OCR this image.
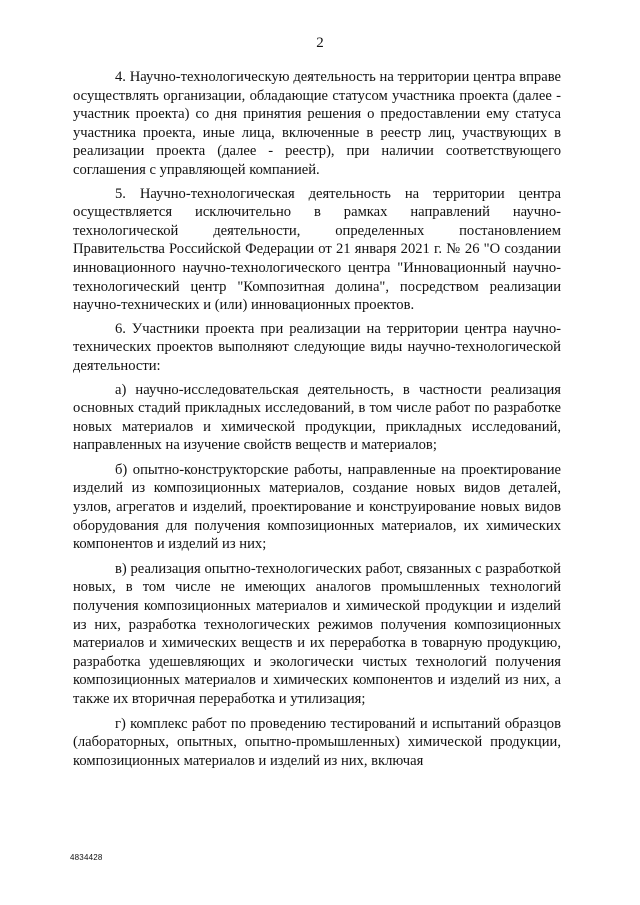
2

4. Научно-технологическую деятельность на территории центра вправе осуществлять организации, обладающие статусом участника проекта (далее - участник проекта) со дня принятия решения о предоставлении ему статуса участника проекта, иные лица, включенные в реестр лиц, участвующих в реализации проекта (далее - реестр), при наличии соответствующего соглашения с управляющей компанией.

5. Научно-технологическая деятельность на территории центра осуществляется исключительно в рамках направлений научно-технологической деятельности, определенных постановлением Правительства Российской Федерации от 21 января 2021 г. № 26 "О создании инновационного научно-технологического центра "Инновационный научно-технологический центр "Композитная долина", посредством реализации научно-технических и (или) инновационных проектов.

6. Участники проекта при реализации на территории центра научно-технических проектов выполняют следующие виды научно-технологической деятельности:

а) научно-исследовательская деятельность, в частности реализация основных стадий прикладных исследований, в том числе работ по разработке новых материалов и химической продукции, прикладных исследований, направленных на изучение свойств веществ и материалов;

б) опытно-конструкторские работы, направленные на проектирование изделий из композиционных материалов, создание новых видов деталей, узлов, агрегатов и изделий, проектирование и конструирование новых видов оборудования для получения композиционных материалов, их химических компонентов и изделий из них;

в) реализация опытно-технологических работ, связанных с разработкой новых, в том числе не имеющих аналогов промышленных технологий получения композиционных материалов и химической продукции и изделий из них, разработка технологических режимов получения композиционных материалов и химических веществ и их переработка в товарную продукцию, разработка удешевляющих и экологически чистых технологий получения композиционных материалов и химических компонентов и изделий из них, а также их вторичная переработка и утилизация;

г) комплекс работ по проведению тестирований и испытаний образцов (лабораторных, опытных, опытно-промышленных) химической продукции, композиционных материалов и изделий из них, включая

4834428
